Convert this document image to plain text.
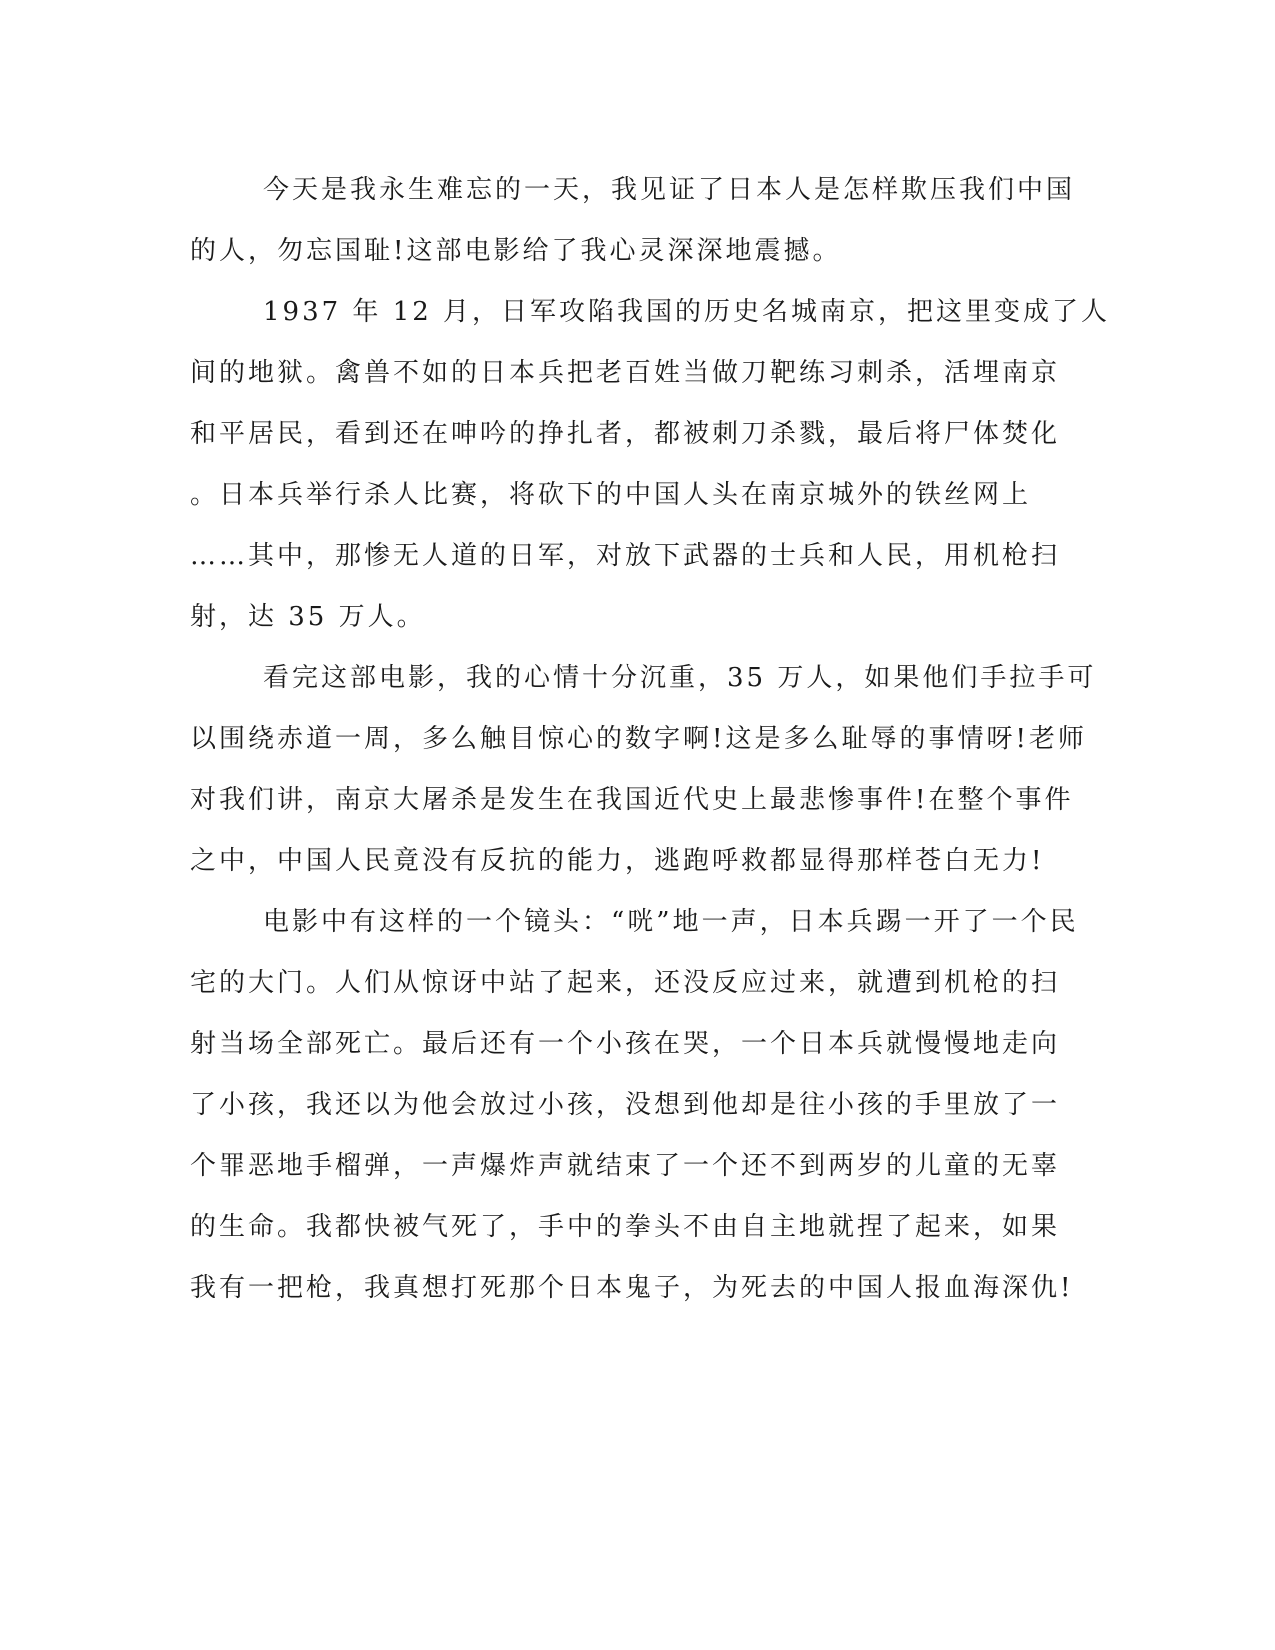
今天是我永生难忘的一天，我见证了日本人是怎样欺压我们中国
的人，勿忘国耻!这部电影给了我心灵深深地震撼。
1937 年 12 月，日军攻陷我国的历史名城南京，把这里变成了人
间的地狱。禽兽不如的日本兵把老百姓当做刀靶练习刺杀，活埋南京
和平居民，看到还在呻吟的挣扎者，都被刺刀杀戮，最后将尸体焚化
。日本兵举行杀人比赛，将砍下的中国人头在南京城外的铁丝网上
……其中，那惨无人道的日军，对放下武器的士兵和人民，用机枪扫
射，达 35 万人。
看完这部电影，我的心情十分沉重，35 万人，如果他们手拉手可
以围绕赤道一周，多么触目惊心的数字啊!这是多么耻辱的事情呀!老师
对我们讲，南京大屠杀是发生在我国近代史上最悲惨事件!在整个事件
之中，中国人民竟没有反抗的能力，逃跑呼救都显得那样苍白无力!
电影中有这样的一个镜头：“咣”地一声，日本兵踢一开了一个民
宅的大门。人们从惊讶中站了起来，还没反应过来，就遭到机枪的扫
射当场全部死亡。最后还有一个小孩在哭，一个日本兵就慢慢地走向
了小孩，我还以为他会放过小孩，没想到他却是往小孩的手里放了一
个罪恶地手榴弹，一声爆炸声就结束了一个还不到两岁的儿童的无辜
的生命。我都快被气死了，手中的拳头不由自主地就捏了起来，如果
我有一把枪，我真想打死那个日本鬼子，为死去的中国人报血海深仇!
